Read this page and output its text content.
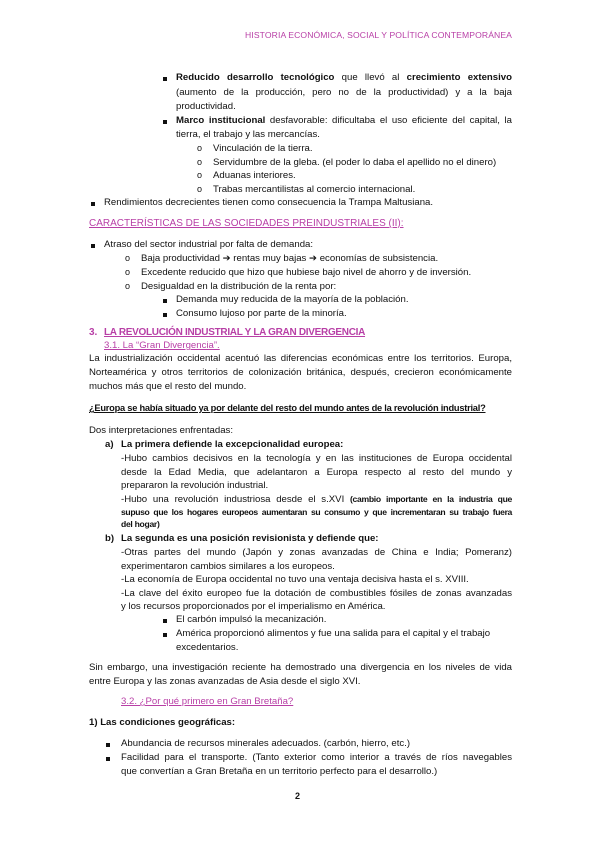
HISTORIA ECONÓMICA, SOCIAL Y POLÍTICA CONTEMPORÁNEA
Reducido desarrollo tecnológico que llevó al crecimiento extensivo
(aumento de la producción, pero no de la productividad) y a la baja
productividad.
Marco institucional desfavorable: dificultaba el uso eficiente del capital, la
tierra, el trabajo y las mercancías.
o Vinculación de la tierra.
o Servidumbre de la gleba. (el poder lo daba el apellido no el dinero)
o Aduanas interiores.
o Trabas mercantilistas al comercio internacional.
Rendimientos decrecientes tienen como consecuencia la Trampa Maltusiana.
CARACTERÍSTICAS DE LAS SOCIEDADES PREINDUSTRIALES (II):
Atraso del sector industrial por falta de demanda:
o Baja productividad ➔ rentas muy bajas ➔ economías de subsistencia.
o Excedente reducido que hizo que hubiese bajo nivel de ahorro y de inversión.
o Desigualdad en la distribución de la renta por:
Demanda muy reducida de la mayoría de la población.
Consumo lujoso por parte de la minoría.
3. LA REVOLUCIÓN INDUSTRIAL Y LA GRAN DIVERGENCIA
3.1. La “Gran Divergencia”.
La industrialización occidental acentuó las diferencias económicas entre los territorios. Europa,
Norteamérica y otros territorios de colonización británica, después, crecieron económicamente
muchos más que el resto del mundo.
¿Europa se había situado ya por delante del resto del mundo antes de la revolución industrial?
Dos interpretaciones enfrentadas:
a) La primera defiende la excepcionalidad europea:
-Hubo cambios decisivos en la tecnología y en las instituciones de Europa occidental
desde la Edad Media, que adelantaron a Europa respecto al resto del mundo y
prepararon la revolución industrial.
-Hubo una revolución industriosa desde el s.XVI (cambio importante en la industria que
supuso que los hogares europeos aumentaran su consumo y que incrementaran su trabajo fuera
del hogar)
b) La segunda es una posición revisionista y defiende que:
-Otras partes del mundo (Japón y zonas avanzadas de China e India; Pomeranz)
experimentaron cambios similares a los europeos.
-La economía de Europa occidental no tuvo una ventaja decisiva hasta el s. XVIII.
-La clave del éxito europeo fue la dotación de combustibles fósiles de zonas avanzadas
y los recursos proporcionados por el imperialismo en América.
El carbón impulsó la mecanización.
América proporcionó alimentos y fue una salida para el capital y el trabajo
excedentarios.
Sin embargo, una investigación reciente ha demostrado una divergencia en los niveles de vida
entre Europa y las zonas avanzadas de Asia desde el siglo XVI.
3.2. ¿Por qué primero en Gran Bretaña?
1) Las condiciones geográficas:
Abundancia de recursos minerales adecuados. (carbón, hierro, etc.)
Facilidad para el transporte. (Tanto exterior como interior a través de ríos navegables
que convertían a Gran Bretaña en un territorio perfecto para el desarrollo.)
2
